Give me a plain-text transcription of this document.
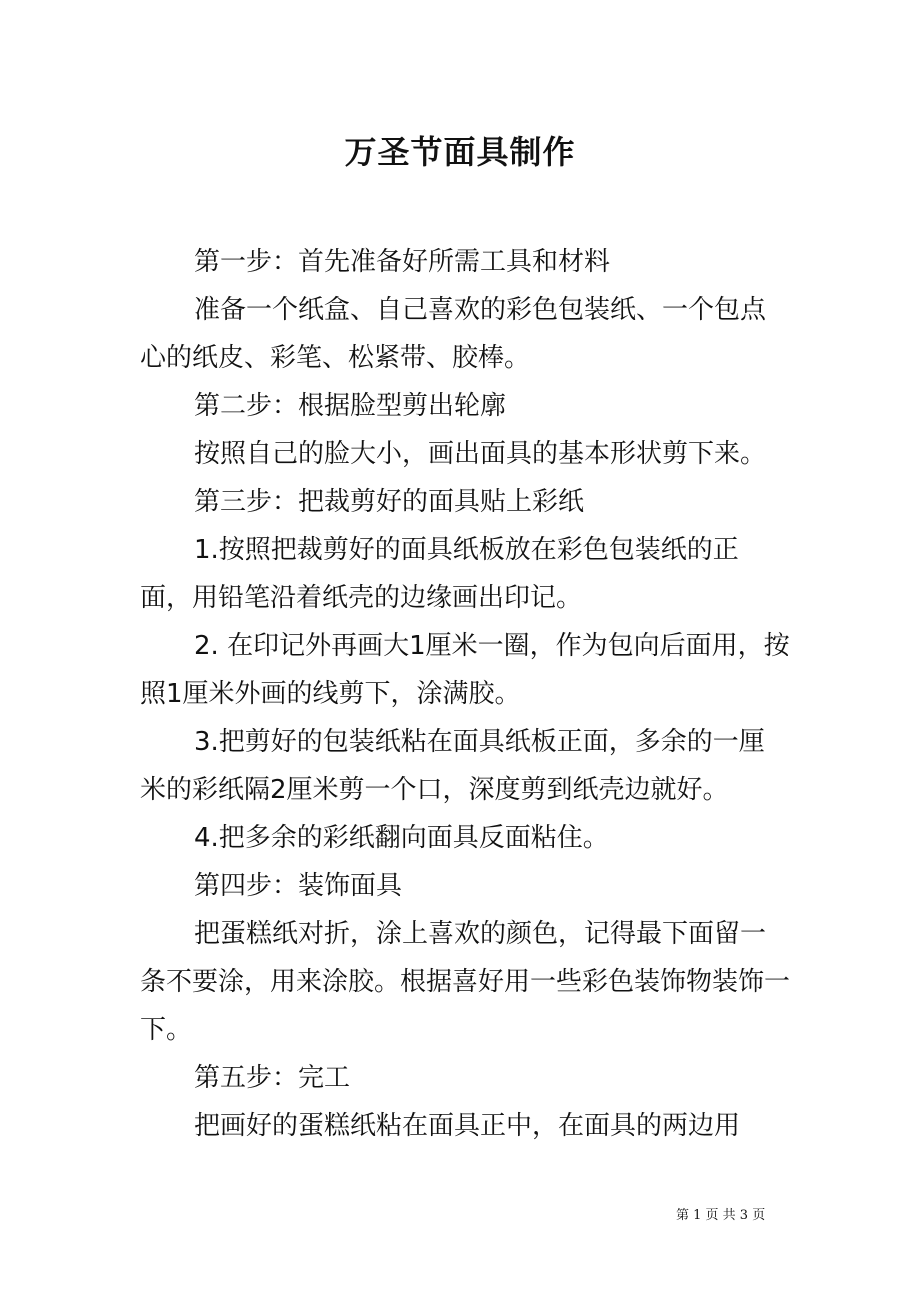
万圣节面具制作

第一步：首先准备好所需工具和材料

准备一个纸盒、自己喜欢的彩色包装纸、一个包点心的纸皮、彩笔、松紧带、胶棒。

第二步：根据脸型剪出轮廓

按照自己的脸大小，画出面具的基本形状剪下来。

第三步：把裁剪好的面具贴上彩纸

1.按照把裁剪好的面具纸板放在彩色包装纸的正面，用铅笔沿着纸壳的边缘画出印记。

2. 在印记外再画大1厘米一圈，作为包向后面用，按照1厘米外画的线剪下，涂满胶。

3.把剪好的包装纸粘在面具纸板正面，多余的一厘米的彩纸隔2厘米剪一个口，深度剪到纸壳边就好。

4.把多余的彩纸翻向面具反面粘住。

第四步：装饰面具

把蛋糕纸对折，涂上喜欢的颜色，记得最下面留一条不要涂，用来涂胶。根据喜好用一些彩色装饰物装饰一下。

第五步：完工

把画好的蛋糕纸粘在面具正中，在面具的两边用

第 1 页 共 3 页
